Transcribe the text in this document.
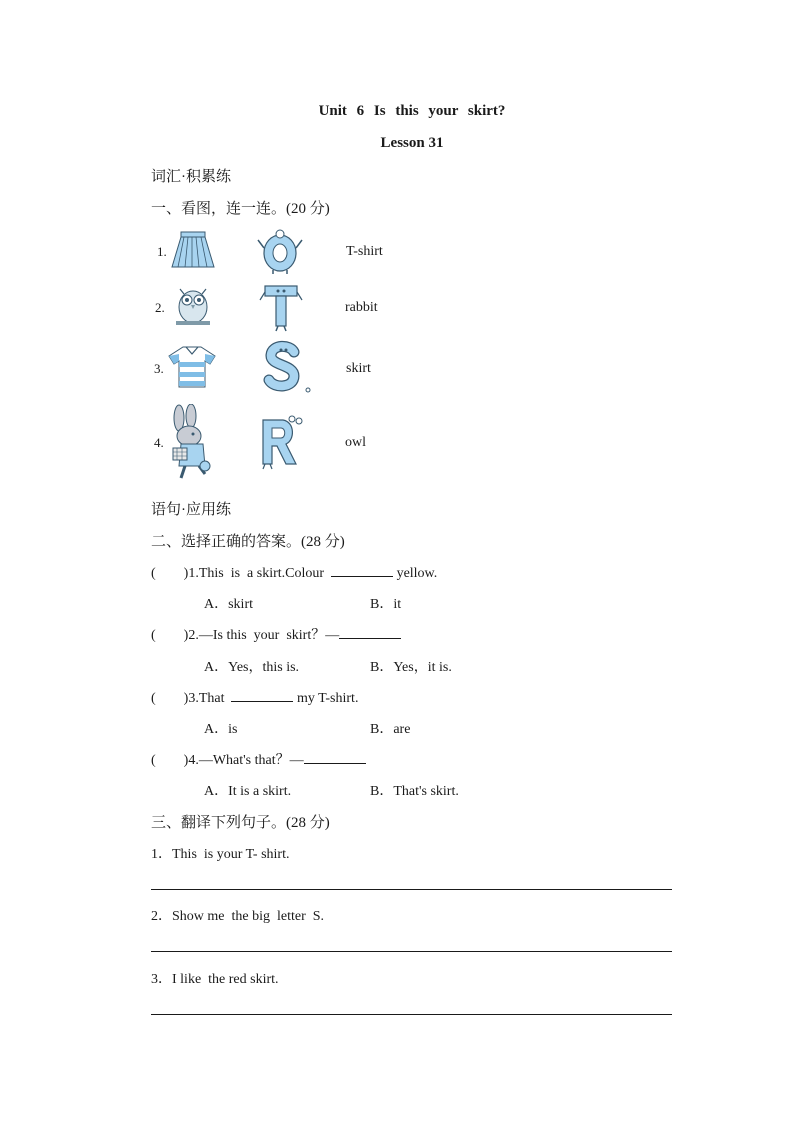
Unit 6 Is this your skirt?
Lesson 31
词汇·积累练
一、看图，连一连。(20 分)
1.	T-shirt
2.	rabbit
3.	skirt
4.	owl
语句·应用练
二、选择正确的答案。(28 分)
(        )1.This  is  a skirt.Colour	yellow.
A．skirt	B．it
(        )2.—Is this  your  skirt？—
A．Yes，this is.	B．Yes，it is.
(        )3.That	my T-shirt.
A．is	B．are
(        )4.—What's that？—
A．It is a skirt.	B．That's skirt.
三、翻译下列句子。(28 分)
1．This  is your T- shirt.
2．Show me  the big  letter  S.
3．I like  the red skirt.
